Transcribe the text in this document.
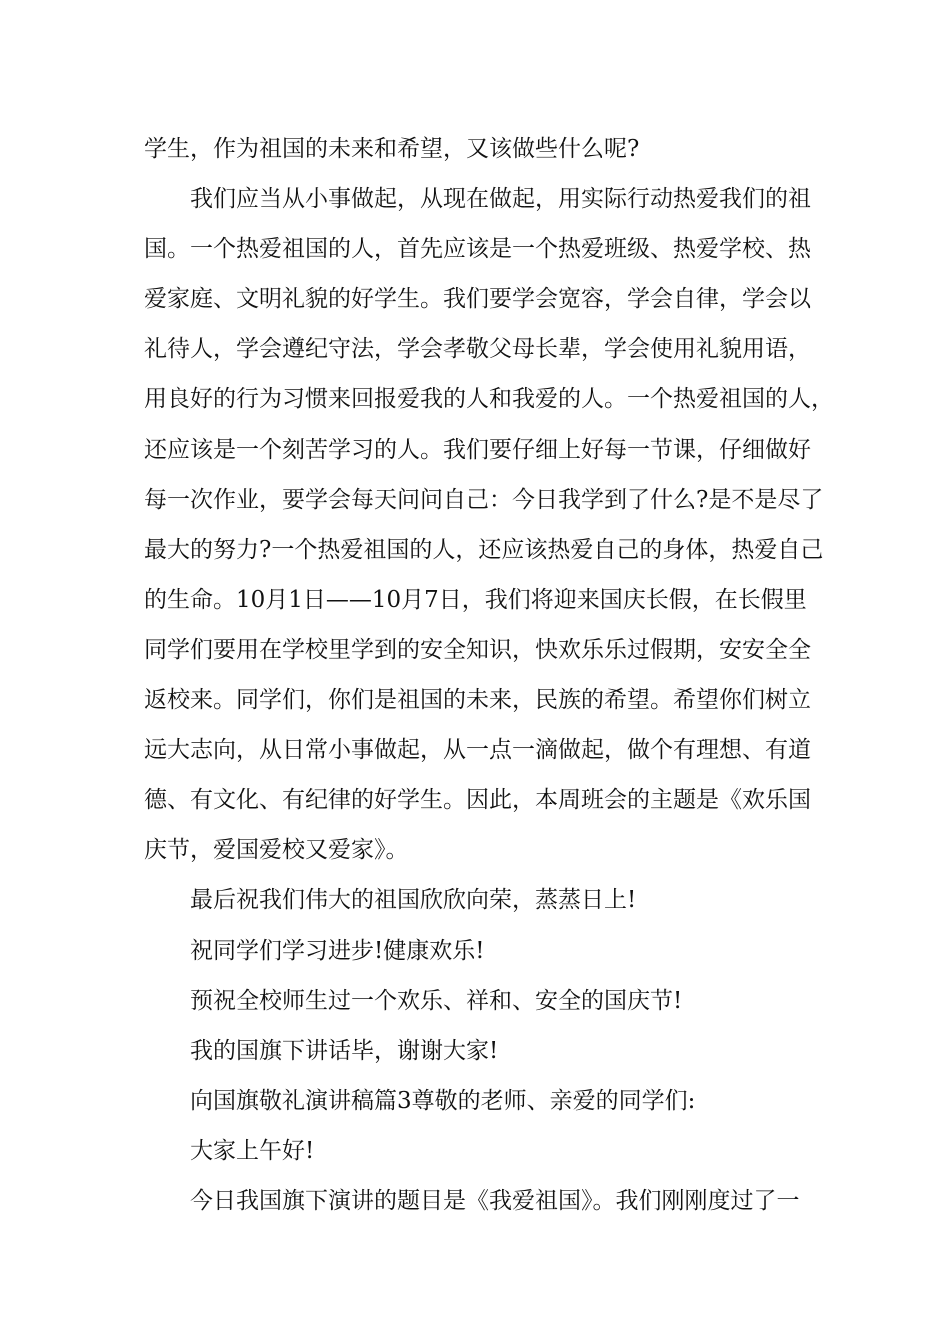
学生，作为祖国的未来和希望，又该做些什么呢?
我们应当从小事做起，从现在做起，用实际行动热爱我们的祖
国。一个热爱祖国的人，首先应该是一个热爱班级、热爱学校、热
爱家庭、文明礼貌的好学生。我们要学会宽容，学会自律，学会以
礼待人，学会遵纪守法，学会孝敬父母长辈，学会使用礼貌用语，
用良好的行为习惯来回报爱我的人和我爱的人。一个热爱祖国的人，
还应该是一个刻苦学习的人。我们要仔细上好每一节课，仔细做好
每一次作业，要学会每天问问自己：今日我学到了什么?是不是尽了
最大的努力?一个热爱祖国的人，还应该热爱自己的身体，热爱自己
的生命。10月1日——10月7日，我们将迎来国庆长假，在长假里
同学们要用在学校里学到的安全知识，快欢乐乐过假期，安安全全
返校来。同学们，你们是祖国的未来，民族的希望。希望你们树立
远大志向，从日常小事做起，从一点一滴做起，做个有理想、有道
德、有文化、有纪律的好学生。因此，本周班会的主题是《欢乐国
庆节，爱国爱校又爱家》。
最后祝我们伟大的祖国欣欣向荣，蒸蒸日上!
祝同学们学习进步!健康欢乐!
预祝全校师生过一个欢乐、祥和、安全的国庆节!
我的国旗下讲话毕，谢谢大家!
向国旗敬礼演讲稿篇3尊敬的老师、亲爱的同学们:
大家上午好!
今日我国旗下演讲的题目是《我爱祖国》。我们刚刚度过了一
